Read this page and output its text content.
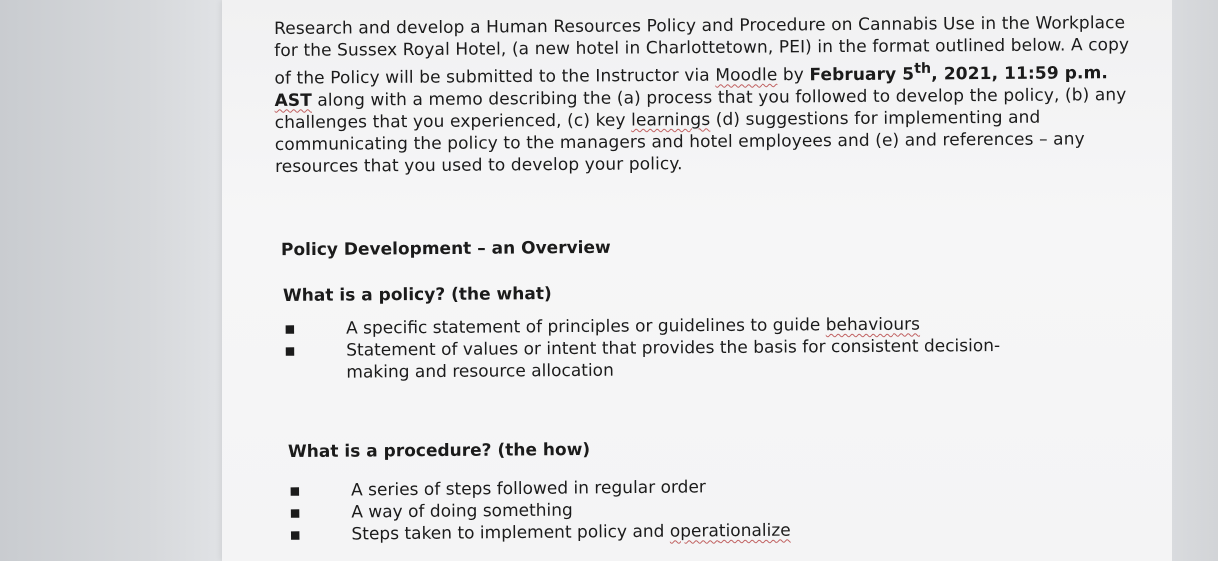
Research and develop a Human Resources Policy and Procedure on Cannabis Use in the Workplace for the Sussex Royal Hotel, (a new hotel in Charlottetown, PEI) in the format outlined below. A copy of the Policy will be submitted to the Instructor via Moodle by February 5th, 2021, 11:59 p.m. AST along with a memo describing the (a) process that you followed to develop the policy, (b) any challenges that you experienced, (c) key learnings (d) suggestions for implementing and communicating the policy to the managers and hotel employees and (e) and references – any resources that you used to develop your policy.

Policy Development – an Overview
What is a policy? (the what)
▪	A specific statement of principles or guidelines to guide behaviours
▪	Statement of values or intent that provides the basis for consistent decision-making and resource allocation
What is a procedure? (the how)
▪	A series of steps followed in regular order
▪	A way of doing something
▪	Steps taken to implement policy and operationalize
